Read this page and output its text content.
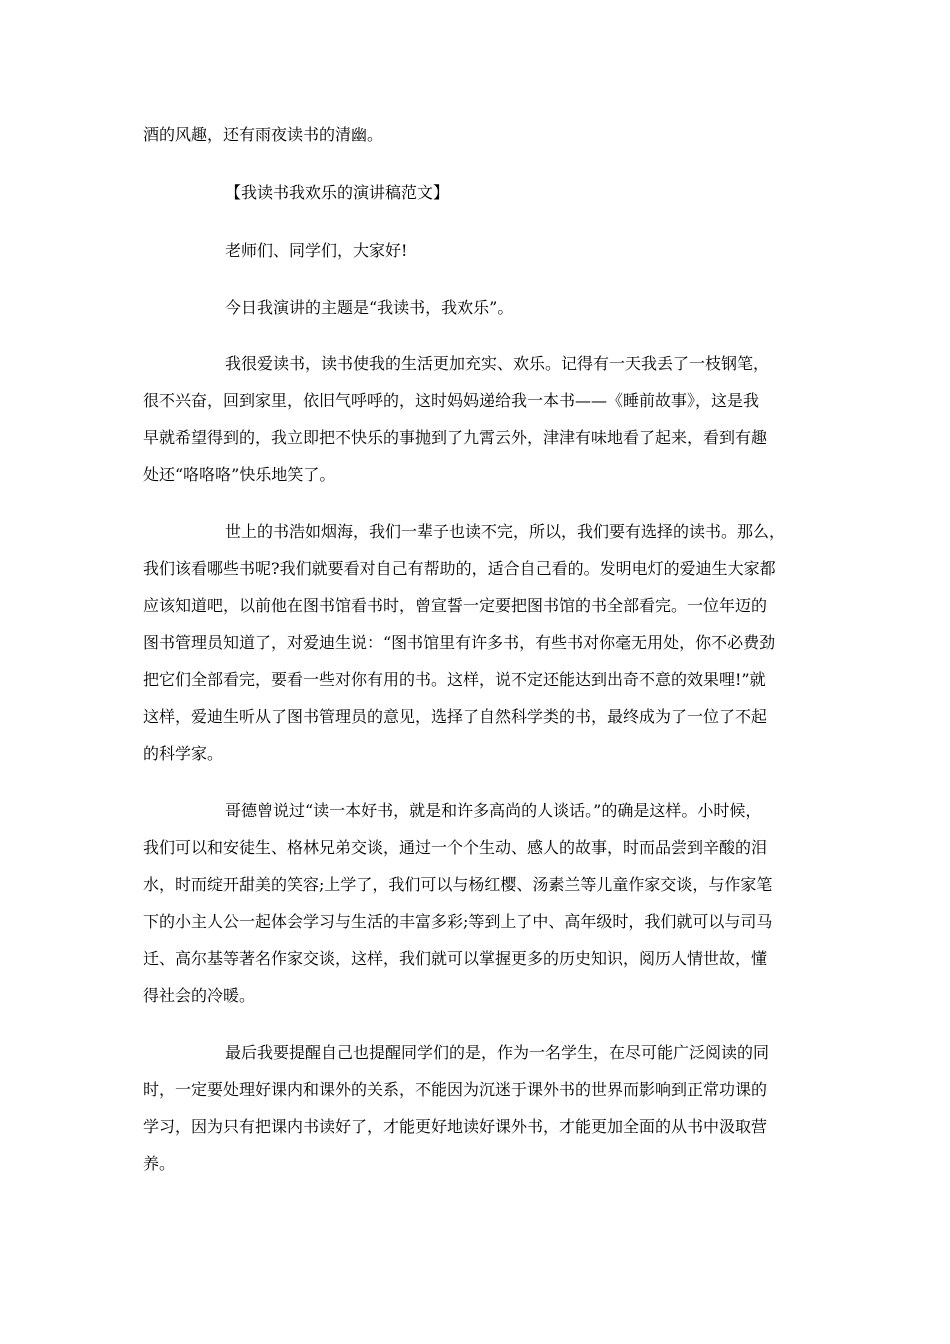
酒的风趣，还有雨夜读书的清幽。
【我读书我欢乐的演讲稿范文】
老师们、同学们，大家好!
今日我演讲的主题是“我读书，我欢乐”。
我很爱读书，读书使我的生活更加充实、欢乐。记得有一天我丢了一枝钢笔，
很不兴奋，回到家里，依旧气呼呼的，这时妈妈递给我一本书——《睡前故事》，这是我
早就希望得到的，我立即把不快乐的事抛到了九霄云外，津津有味地看了起来，看到有趣
处还“咯咯咯”快乐地笑了。
世上的书浩如烟海，我们一辈子也读不完，所以，我们要有选择的读书。那么，
我们该看哪些书呢?我们就要看对自己有帮助的，适合自己看的。发明电灯的爱迪生大家都
应该知道吧，以前他在图书馆看书时，曾宣誓一定要把图书馆的书全部看完。一位年迈的
图书管理员知道了，对爱迪生说：“图书馆里有许多书，有些书对你毫无用处，你不必费劲
把它们全部看完，要看一些对你有用的书。这样，说不定还能达到出奇不意的效果哩!”就
这样，爱迪生听从了图书管理员的意见，选择了自然科学类的书，最终成为了一位了不起
的科学家。
哥德曾说过“读一本好书，就是和许多高尚的人谈话。”的确是这样。小时候，
我们可以和安徒生、格林兄弟交谈，通过一个个生动、感人的故事，时而品尝到辛酸的泪
水，时而绽开甜美的笑容;上学了，我们可以与杨红樱、汤素兰等儿童作家交谈，与作家笔
下的小主人公一起体会学习与生活的丰富多彩;等到上了中、高年级时，我们就可以与司马
迁、高尔基等著名作家交谈，这样，我们就可以掌握更多的历史知识，阅历人情世故，懂
得社会的冷暖。
最后我要提醒自己也提醒同学们的是，作为一名学生，在尽可能广泛阅读的同
时，一定要处理好课内和课外的关系，不能因为沉迷于课外书的世界而影响到正常功课的
学习，因为只有把课内书读好了，才能更好地读好课外书，才能更加全面的从书中汲取营
养。
